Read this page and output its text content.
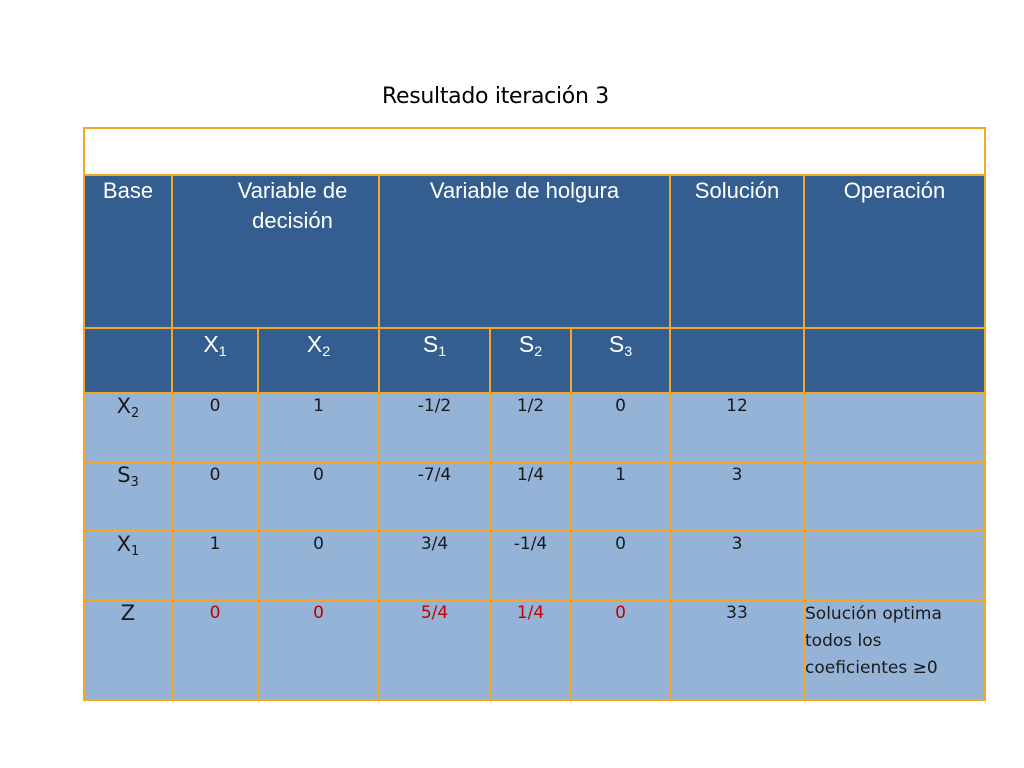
Resultado iteración 3

Base	Variable de decisión		Variable de holgura			Solución	Operación
	$X_1$	$X_2$	$S_1$	$S_2$	$S_3$		
$X_2$	0	1	-1/2	1/2	0	12	
$S_3$	0	0	-7/4	1/4	1	3	
$X_1$	1	0	3/4	-1/4	0	3	
Z	0	0	5/4	1/4	0	33	Solución optima todos los coeficientes ≥0
